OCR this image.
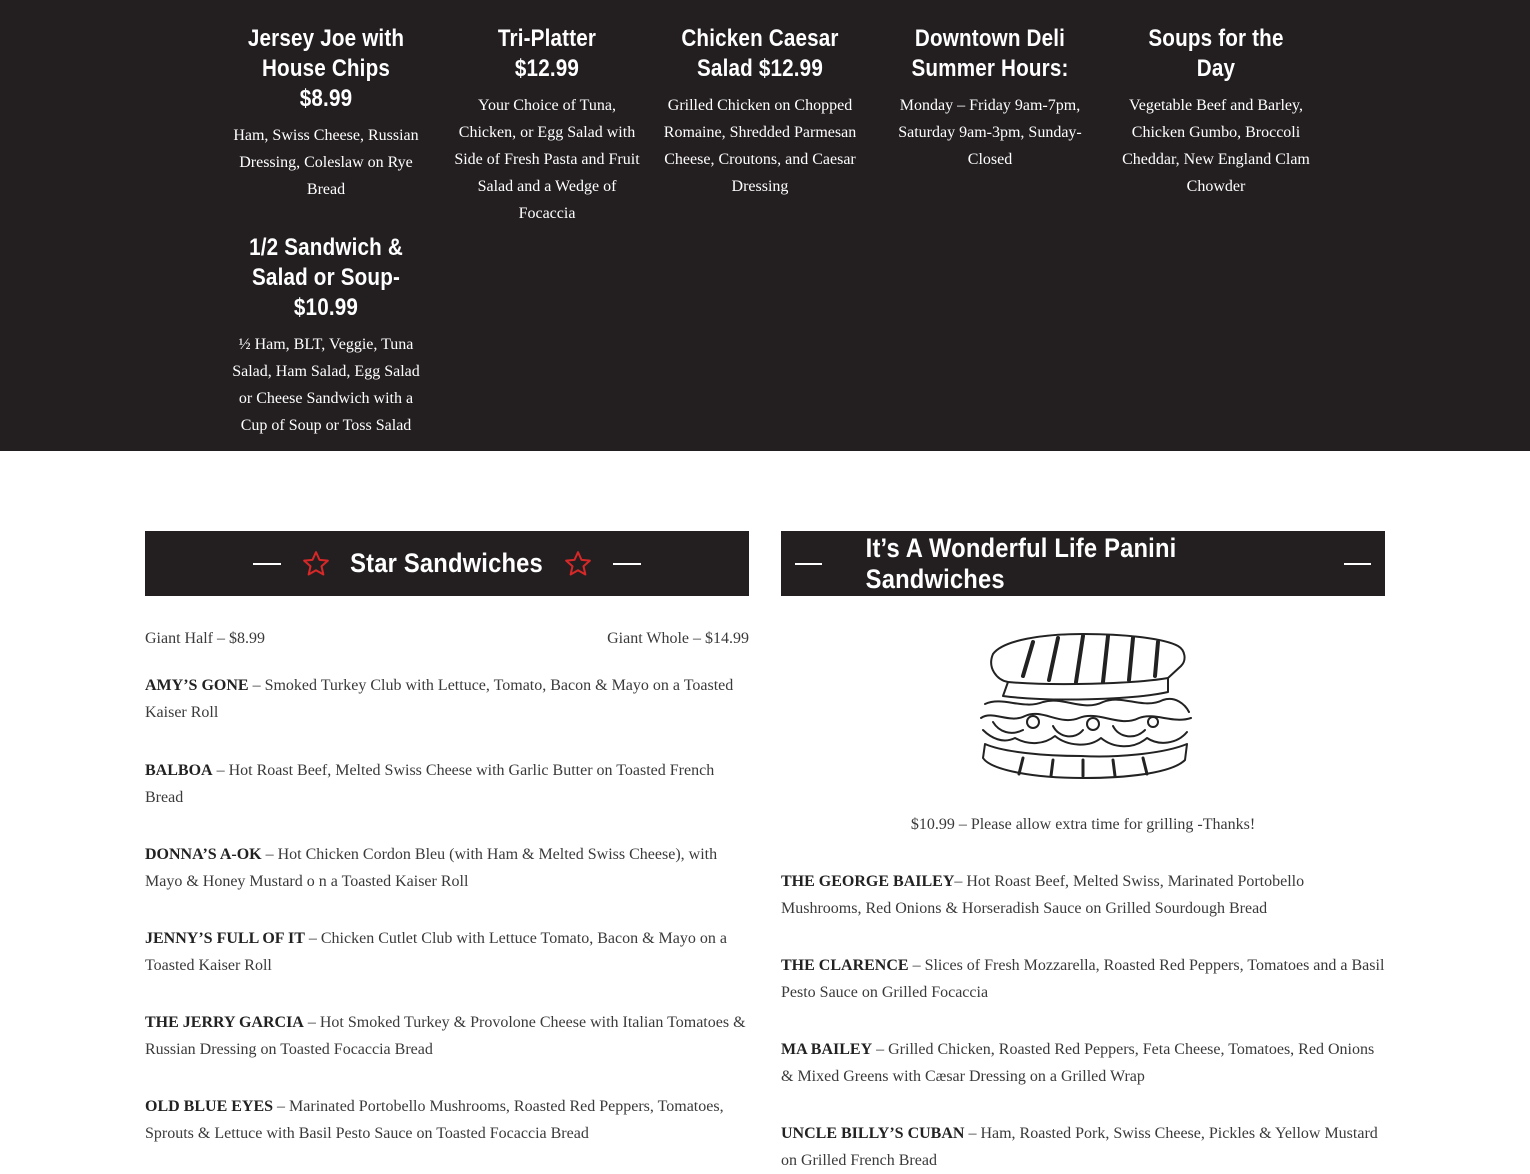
Jersey Joe with House Chips $8.99

Ham, Swiss Cheese, Russian Dressing, Coleslaw on Rye Bread

Tri-Platter $12.99

Your Choice of Tuna, Chicken, or Egg Salad with Side of Fresh Pasta and Fruit Salad and a Wedge of Focaccia

Chicken Caesar Salad $12.99

Grilled Chicken on Chopped Romaine, Shredded Parmesan Cheese, Croutons, and Caesar Dressing

Downtown Deli Summer Hours:

Monday – Friday 9am-7pm, Saturday 9am-3pm, Sunday-Closed

Soups for the Day

Vegetable Beef and Barley, Chicken Gumbo, Broccoli Cheddar, New England Clam Chowder

1/2 Sandwich & Salad or Soup- $10.99

½ Ham, BLT, Veggie, Tuna Salad, Ham Salad, Egg Salad or Cheese Sandwich with a Cup of Soup or Toss Salad

Star Sandwiches
It’s A Wonderful Life Panini Sandwiches
Giant Half – $8.99	Giant Whole – $14.99

AMY’S GONE – Smoked Turkey Club with Lettuce, Tomato, Bacon & Mayo on a Toasted Kaiser Roll

BALBOA – Hot Roast Beef, Melted Swiss Cheese with Garlic Butter on Toasted French Bread

DONNA’S A-OK – Hot Chicken Cordon Bleu (with Ham & Melted Swiss Cheese), with Mayo & Honey Mustard o n a Toasted Kaiser Roll

JENNY’S FULL OF IT – Chicken Cutlet Club with Lettuce Tomato, Bacon & Mayo on a Toasted Kaiser Roll

THE JERRY GARCIA – Hot Smoked Turkey & Provolone Cheese with Italian Tomatoes & Russian Dressing on Toasted Focaccia Bread

OLD BLUE EYES – Marinated Portobello Mushrooms, Roasted Red Peppers, Tomatoes, Sprouts & Lettuce with Basil Pesto Sauce on Toasted Focaccia Bread

$10.99 – Please allow extra time for grilling -Thanks!

THE GEORGE BAILEY– Hot Roast Beef, Melted Swiss, Marinated Portobello Mushrooms, Red Onions & Horseradish Sauce on Grilled Sourdough Bread

THE CLARENCE – Slices of Fresh Mozzarella, Roasted Red Peppers, Tomatoes and a Basil Pesto Sauce on Grilled Focaccia

MA BAILEY – Grilled Chicken, Roasted Red Peppers, Feta Cheese, Tomatoes, Red Onions & Mixed Greens with Cæsar Dressing on a Grilled Wrap

UNCLE BILLY’S CUBAN – Ham, Roasted Pork, Swiss Cheese, Pickles & Yellow Mustard on Grilled French Bread
